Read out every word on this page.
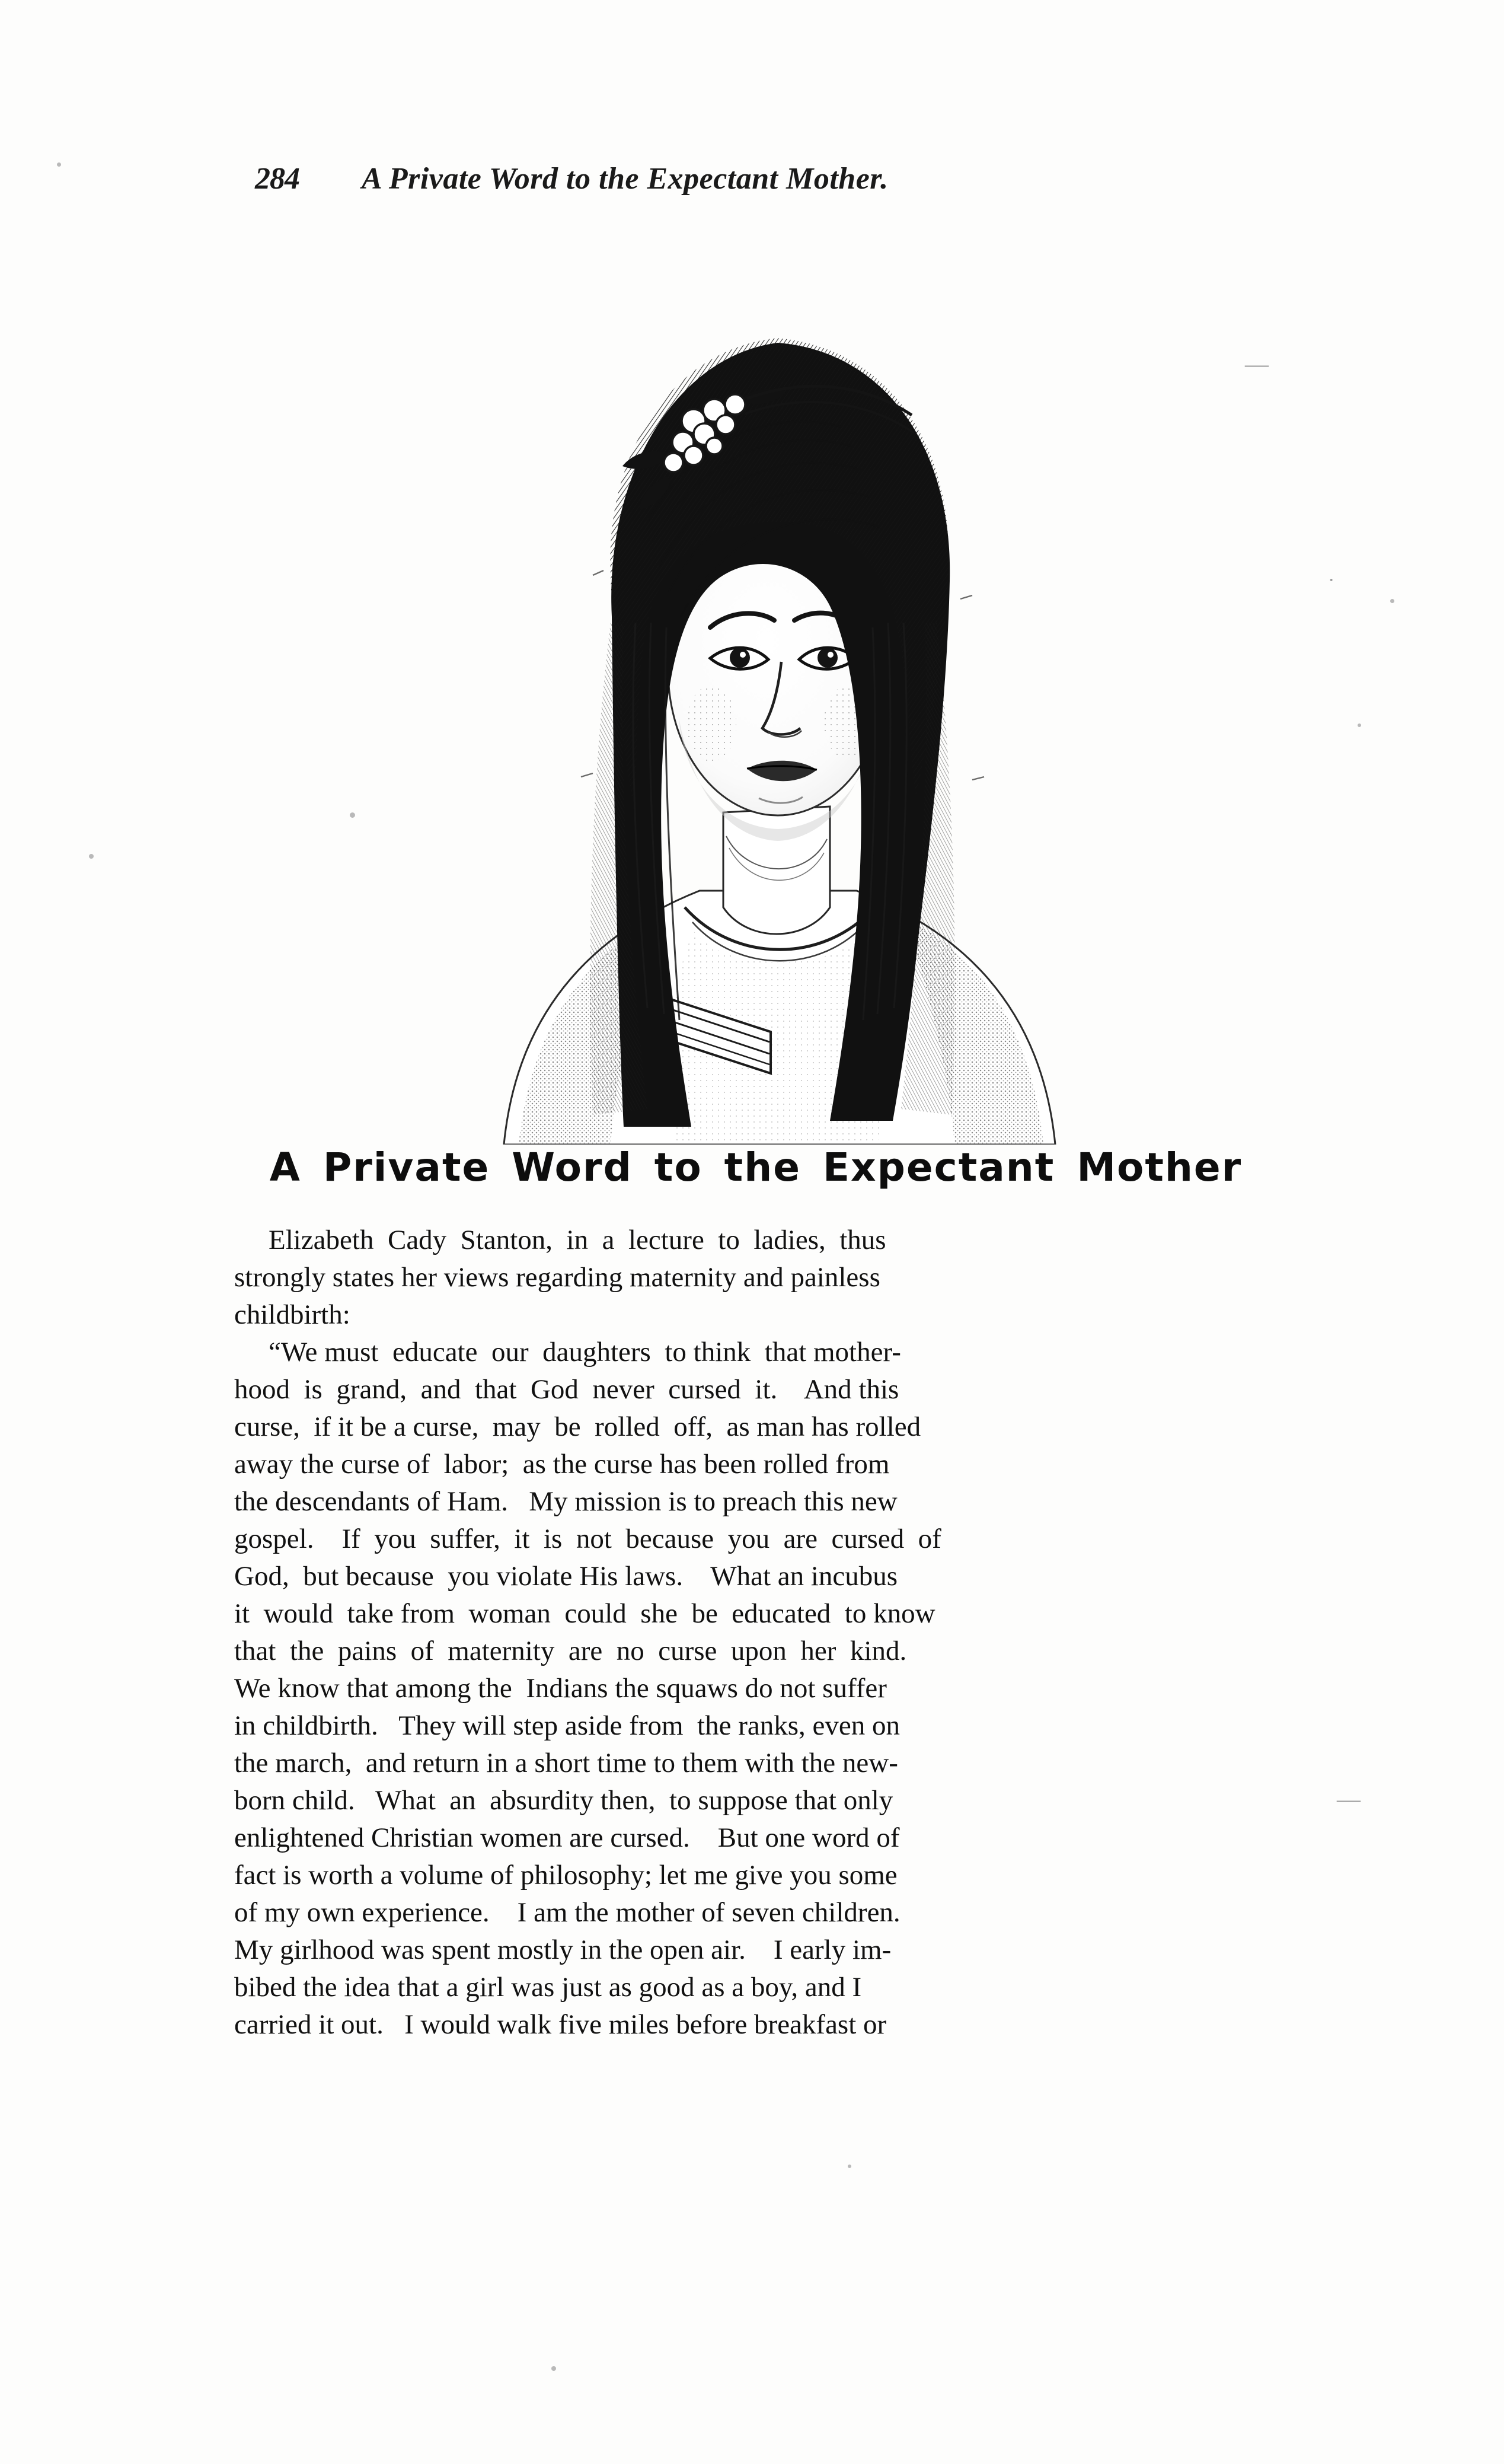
284 A Private Word to the Expectant Mother.
A Private Word to the Expectant Mother
Elizabeth  Cady  Stanton,  in  a  lecture  to  ladies,  thus
strongly states her views regarding maternity and painless
childbirth:
“We must  educate  our  daughters  to think  that mother-
hood  is  grand,  and  that  God  never  cursed  it.    And this
curse,  if it be a curse,  may  be  rolled  off,  as man has rolled
away the curse of  labor;  as the curse has been rolled from
the descendants of Ham.   My mission is to preach this new
gospel.    If  you  suffer,  it  is  not  because  you  are  cursed  of
God,  but because  you violate His laws.    What an incubus
it  would  take from  woman  could  she  be  educated  to know
that  the  pains  of  maternity  are  no  curse  upon  her  kind.
We know that among the  Indians the squaws do not suffer
in childbirth.   They will step aside from  the ranks, even on
the march,  and return in a short time to them with the new-
born child.   What  an  absurdity then,  to suppose that only
enlightened Christian women are cursed.    But one word of
fact is worth a volume of philosophy; let me give you some
of my own experience.    I am the mother of seven children.
My girlhood was spent mostly in the open air.    I early im-
bibed the idea that a girl was just as good as a boy, and I
carried it out.   I would walk five miles before breakfast or
—
·
—
